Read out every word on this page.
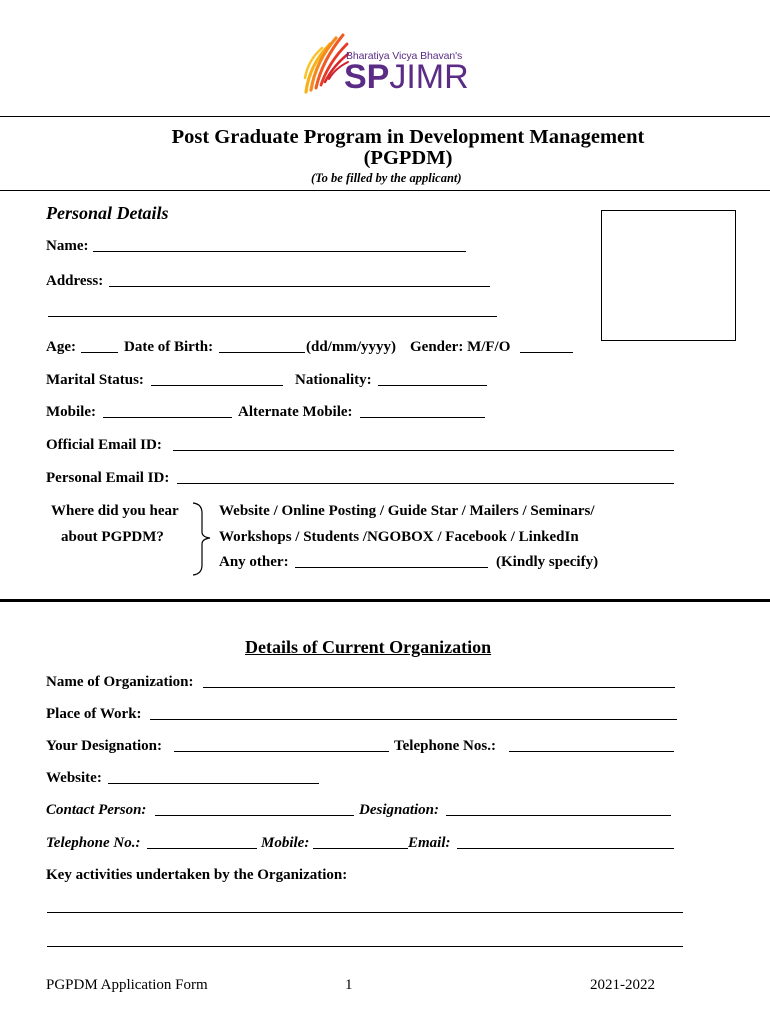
Bharatiya Vicya Bhavan's
SPJIMR
Post Graduate Program in Development Management
(PGPDM)
(To be filled by the applicant)
Personal Details
Name:
Address:
Age:	Date of Birth:	(dd/mm/yyyy) Gender: M/F/O
Marital Status:	Nationality:
Mobile:	Alternate Mobile:
Official Email ID:
Personal Email ID:
Where did you hear	Website / Online Posting / Guide Star / Mailers / Seminars/
about PGPDM?	Workshops / Students /NGOBOX / Facebook / LinkedIn
Any other:	(Kindly specify)
Details of Current Organization
Name of Organization:
Place of Work:
Your Designation:	Telephone Nos.:
Website:
Contact Person:	Designation:
Telephone No.:	Mobile:	Email:
Key activities undertaken by the Organization:
PGPDM Application Form	1	2021-2022
